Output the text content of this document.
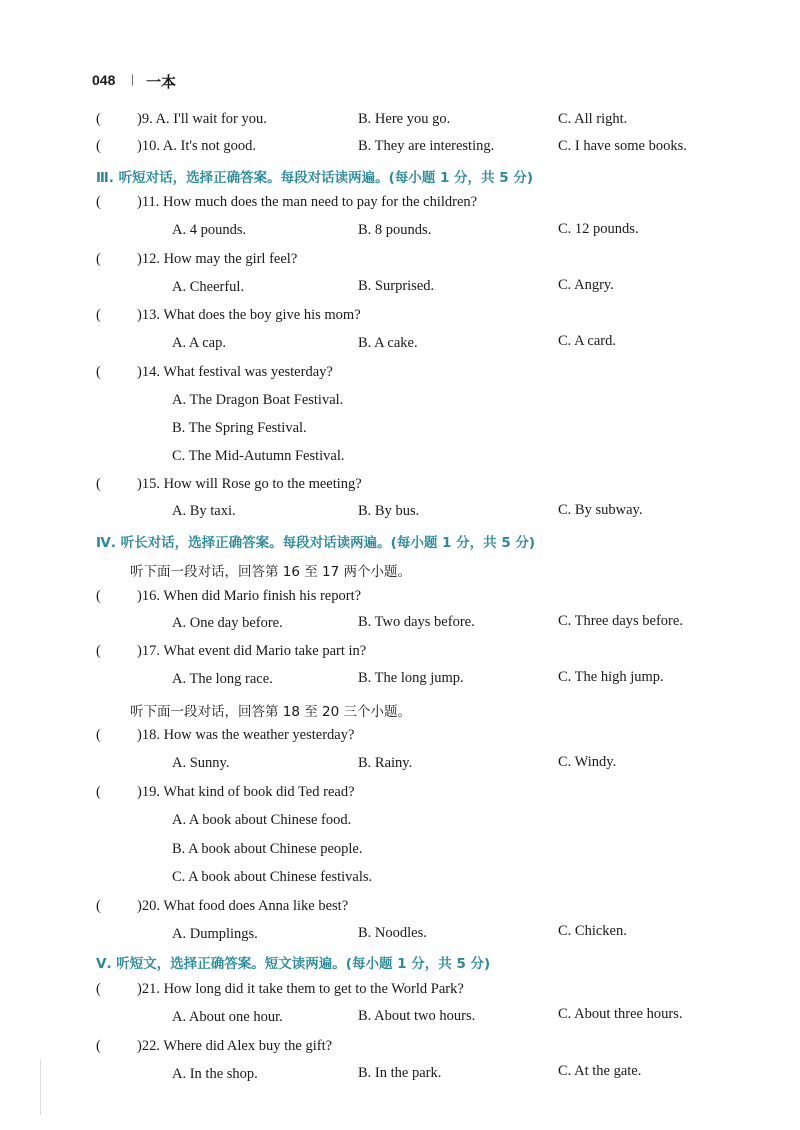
048 | 一本
( )9. A. I'll wait for you.	B. Here you go.	C. All right.
( )10. A. It's not good.	B. They are interesting.	C. I have some books.
Ⅲ. 听短对话，选择正确答案。每段对话读两遍。(每小题 1 分，共 5 分)
( )11. How much does the man need to pay for the children?
A. 4 pounds.	B. 8 pounds.	C. 12 pounds.
( )12. How may the girl feel?
A. Cheerful.	B. Surprised.	C. Angry.
( )13. What does the boy give his mom?
A. A cap.	B. A cake.	C. A card.
( )14. What festival was yesterday?
A. The Dragon Boat Festival.
B. The Spring Festival.
C. The Mid-Autumn Festival.
( )15. How will Rose go to the meeting?
A. By taxi.	B. By bus.	C. By subway.
Ⅳ. 听长对话，选择正确答案。每段对话读两遍。(每小题 1 分，共 5 分)
听下面一段对话，回答第 16 至 17 两个小题。
( )16. When did Mario finish his report?
A. One day before.	B. Two days before.	C. Three days before.
( )17. What event did Mario take part in?
A. The long race.	B. The long jump.	C. The high jump.
听下面一段对话，回答第 18 至 20 三个小题。
( )18. How was the weather yesterday?
A. Sunny.	B. Rainy.	C. Windy.
( )19. What kind of book did Ted read?
A. A book about Chinese food.
B. A book about Chinese people.
C. A book about Chinese festivals.
( )20. What food does Anna like best?
A. Dumplings.	B. Noodles.	C. Chicken.
Ⅴ. 听短文，选择正确答案。短文读两遍。(每小题 1 分，共 5 分)
( )21. How long did it take them to get to the World Park?
A. About one hour.	B. About two hours.	C. About three hours.
( )22. Where did Alex buy the gift?
A. In the shop.	B. In the park.	C. At the gate.
